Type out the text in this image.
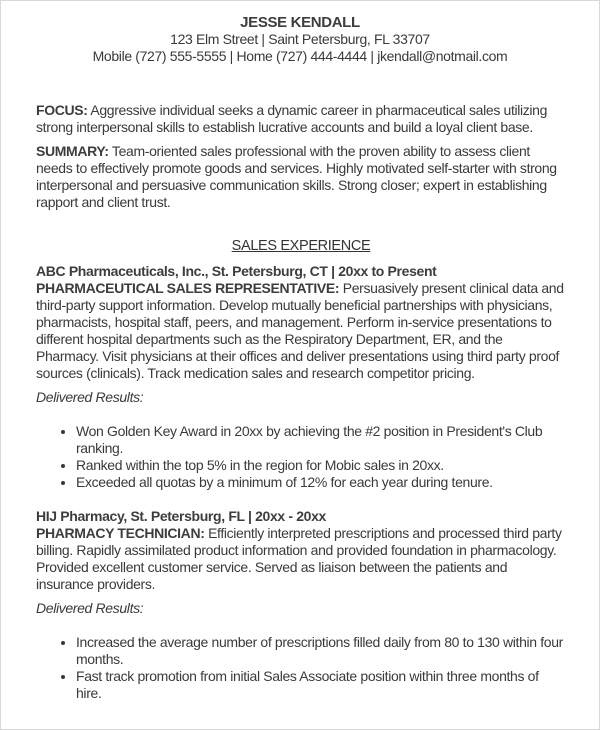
JESSE KENDALL
123 Elm Street | Saint Petersburg, FL 33707
Mobile (727) 555-5555 | Home (727) 444-4444 | jkendall@notmail.com

FOCUS: Aggressive individual seeks a dynamic career in pharmaceutical sales utilizing strong interpersonal skills to establish lucrative accounts and build a loyal client base.

SUMMARY: Team-oriented sales professional with the proven ability to assess client needs to effectively promote goods and services. Highly motivated self-starter with strong interpersonal and persuasive communication skills. Strong closer; expert in establishing rapport and client trust.

SALES EXPERIENCE
ABC Pharmaceuticals, Inc., St. Petersburg, CT | 20xx to Present

PHARMACEUTICAL SALES REPRESENTATIVE: Persuasively present clinical data and third-party support information. Develop mutually beneficial partnerships with physicians, pharmacists, hospital staff, peers, and management. Perform in-service presentations to different hospital departments such as the Respiratory Department, ER, and the Pharmacy. Visit physicians at their offices and deliver presentations using third party proof sources (clinicals). Track medication sales and research competitor pricing.

Delivered Results:
• Won Golden Key Award in 20xx by achieving the #2 position in President's Club ranking.
• Ranked within the top 5% in the region for Mobic sales in 20xx.
• Exceeded all quotas by a minimum of 12% for each year during tenure.
HIJ Pharmacy, St. Petersburg, FL | 20xx - 20xx

PHARMACY TECHNICIAN: Efficiently interpreted prescriptions and processed third party billing. Rapidly assimilated product information and provided foundation in pharmacology. Provided excellent customer service. Served as liaison between the patients and insurance providers.

Delivered Results:
• Increased the average number of prescriptions filled daily from 80 to 130 within four months.
• Fast track promotion from initial Sales Associate position within three months of hire.
